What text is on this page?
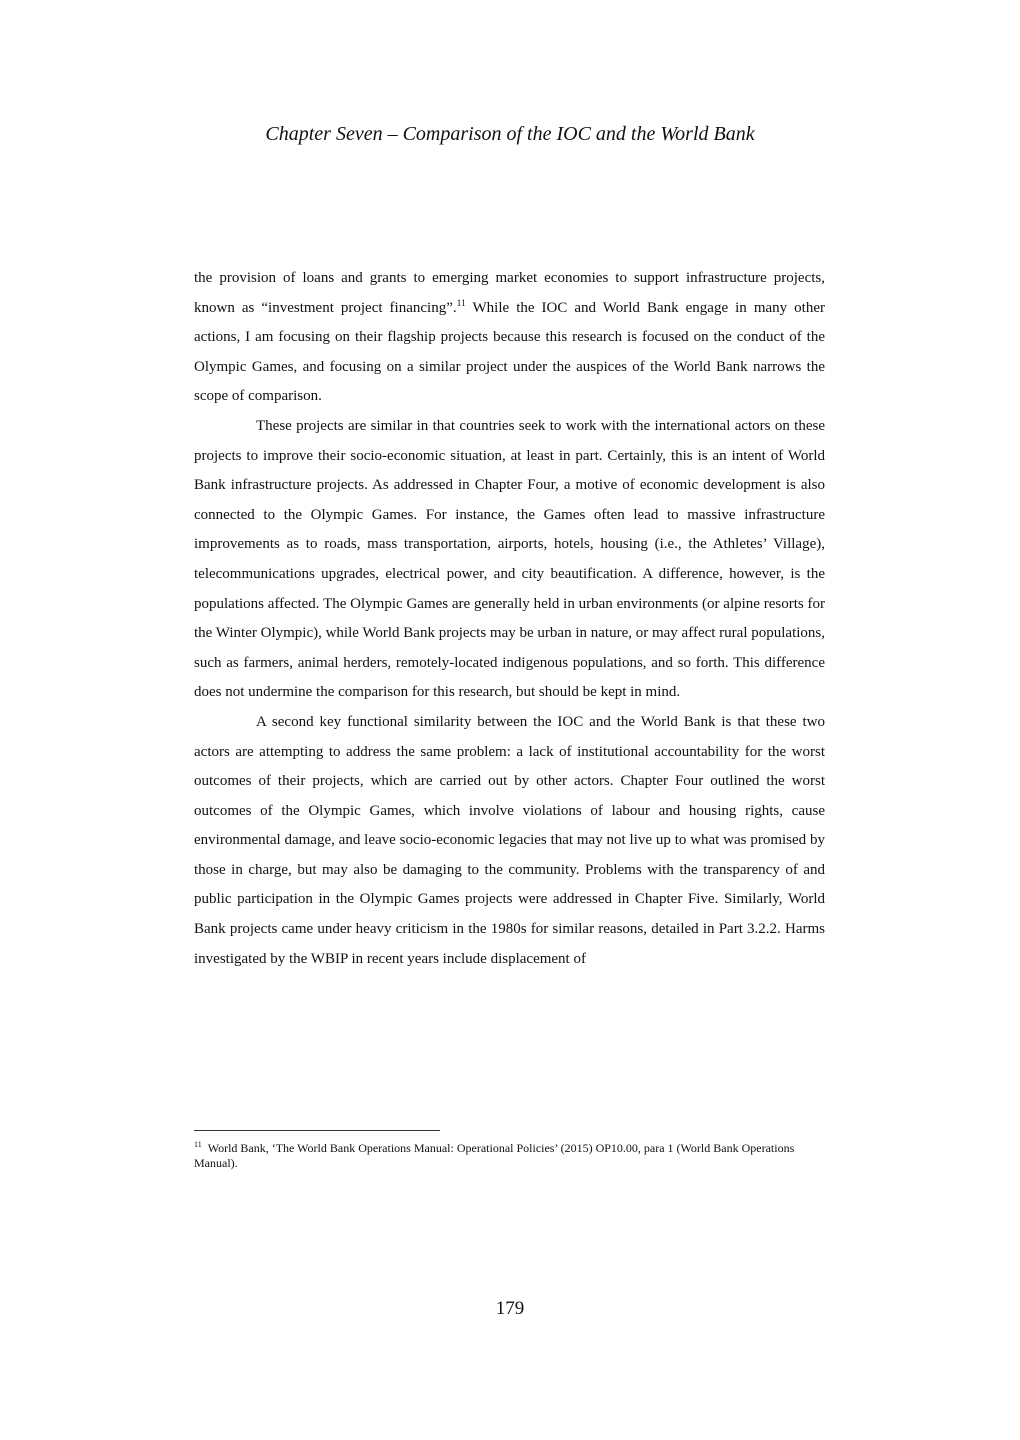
Chapter Seven – Comparison of the IOC and the World Bank

the provision of loans and grants to emerging market economies to support infrastructure projects, known as “investment project financing”.$^{11}$ While the IOC and World Bank engage in many other actions, I am focusing on their flagship projects because this research is focused on the conduct of the Olympic Games, and focusing on a similar project under the auspices of the World Bank narrows the scope of comparison.

These projects are similar in that countries seek to work with the international actors on these projects to improve their socio-economic situation, at least in part. Certainly, this is an intent of World Bank infrastructure projects. As addressed in Chapter Four, a motive of economic development is also connected to the Olympic Games. For instance, the Games often lead to massive infrastructure improvements as to roads, mass transportation, airports, hotels, housing (i.e., the Athletes’ Village), telecommunications upgrades, electrical power, and city beautification. A difference, however, is the populations affected. The Olympic Games are generally held in urban environments (or alpine resorts for the Winter Olympic), while World Bank projects may be urban in nature, or may affect rural populations, such as farmers, animal herders, remotely-located indigenous populations, and so forth. This difference does not undermine the comparison for this research, but should be kept in mind.

A second key functional similarity between the IOC and the World Bank is that these two actors are attempting to address the same problem: a lack of institutional accountability for the worst outcomes of their projects, which are carried out by other actors. Chapter Four outlined the worst outcomes of the Olympic Games, which involve violations of labour and housing rights, cause environmental damage, and leave socio-economic legacies that may not live up to what was promised by those in charge, but may also be damaging to the community. Problems with the transparency of and public participation in the Olympic Games projects were addressed in Chapter Five. Similarly, World Bank projects came under heavy criticism in the 1980s for similar reasons, detailed in Part 3.2.2. Harms investigated by the WBIP in recent years include displacement of

$^{11}$ World Bank, ‘The World Bank Operations Manual: Operational Policies’ (2015) OP10.00, para 1 (World Bank Operations Manual).
179
